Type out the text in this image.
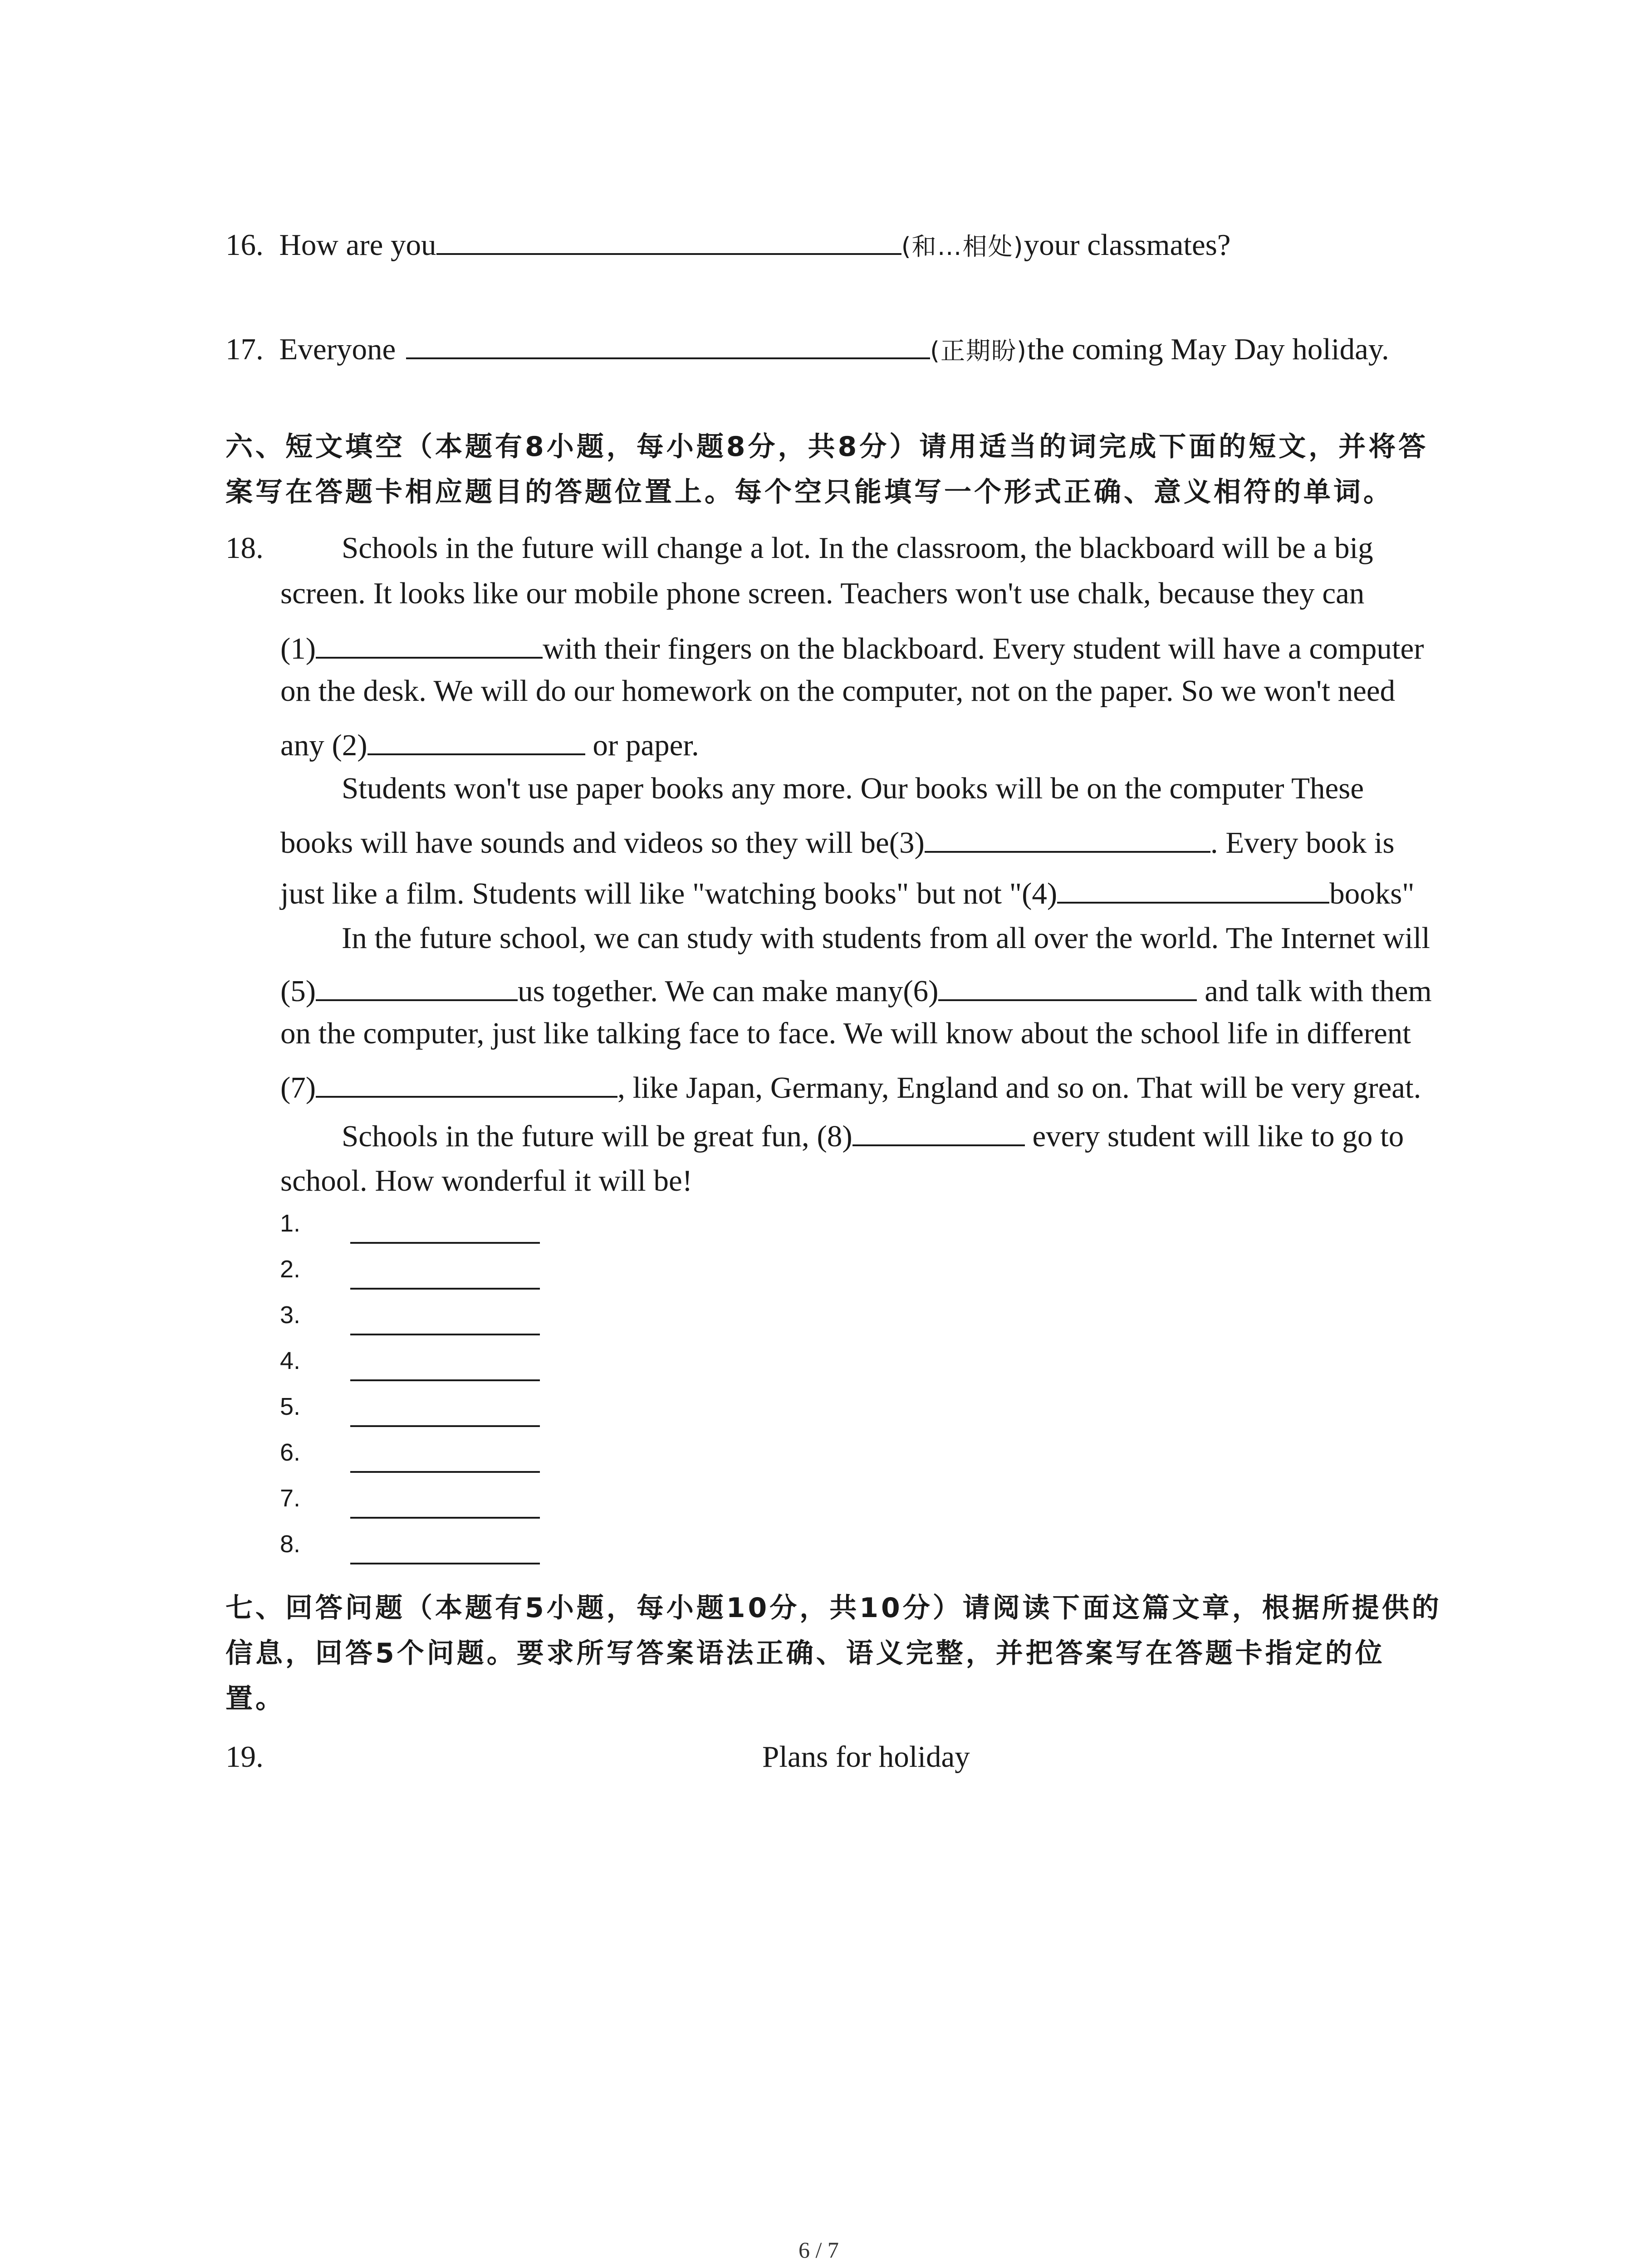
16. How are you	(和…相处)your classmates?
17. Everyone	(正期盼)the coming May Day holiday.
六、短文填空（本题有8小题，每小题8分，共8分）请用适当的词完成下面的短文，并将答
案写在答题卡相应题目的答题位置上。每个空只能填写一个形式正确、意义相符的单词。
18.	Schools in the future will change a lot. In the classroom, the blackboard will be a big
screen. It looks like our mobile phone screen. Teachers won't use chalk, because they can
(1)	with their fingers on the blackboard. Every student will have a computer
on the desk. We will do our homework on the computer, not on the paper. So we won't need
any (2)	or paper.
Students won't use paper books any more. Our books will be on the computer These
books will have sounds and videos so they will be(3)	. Every book is
just like a film. Students will like "watching books" but not "(4)	books"
In the future school, we can study with students from all over the world. The Internet will
(5)	us together. We can make many(6)	and talk with them
on the computer, just like talking face to face. We will know about the school life in different
(7)	, like Japan, Germany, England and so on. That will be very great.
Schools in the future will be great fun, (8)	every student will like to go to
school. How wonderful it will be!
1.
2.
3.
4.
5.
6.
7.
8.
七、回答问题（本题有5小题，每小题10分，共10分）请阅读下面这篇文章，根据所提供的
信息，回答5个问题。要求所写答案语法正确、语义完整，并把答案写在答题卡指定的位
置。
19.	Plans for holiday
6 / 7
